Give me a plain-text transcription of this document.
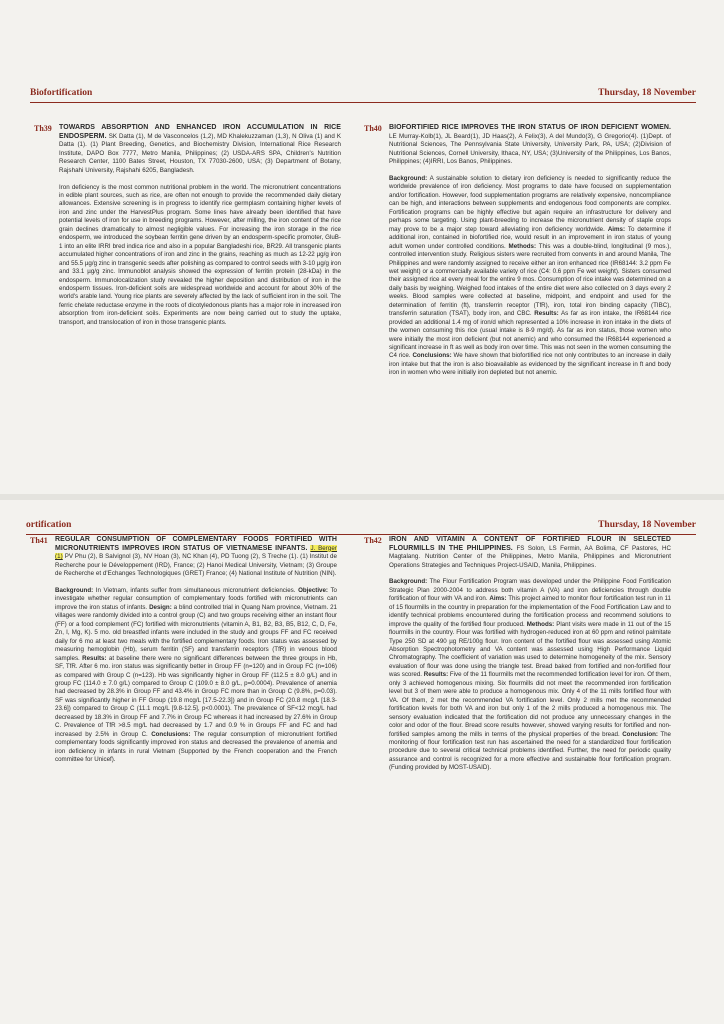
Biofortification	Thursday, 18 November
Th39 TOWARDS ABSORPTION AND ENHANCED IRON ACCUMULATION IN RICE ENDOSPERM. SK Datta (1), M de Vasconcelos (1,2), MD Khalekuzzaman (1,3), N Oliva (1) and K Datta (1). (1) Plant Breeding, Genetics, and Biochemistry Division, International Rice Research Institute, DAPO Box 7777, Metro Manila, Philippines; (2) USDA-ARS SPA, Children's Nutrition Research Center, 1100 Bates Street, Houston, TX 77030-2600, USA; (3) Department of Botany, Rajshahi University, Rajshahi 6205, Bangladesh.

Iron deficiency is the most common nutritional problem in the world. The micronutrient concentrations in edible plant sources, such as rice, are often not enough to provide the recommended daily dietary allowances. Extensive screening is in progress to identify rice germplasm containing higher levels of iron and zinc under the HarvestPlus program. Some lines have already been identified that have potential levels of iron for use in breeding programs. However, after milling, the iron content of the rice grain declines dramatically to almost negligible values. For increasing the iron storage in the rice endosperm, we introduced the soybean ferritin gene driven by an endosperm-specific promoter, GluB-1 into an elite IRRI bred indica rice and also in a popular Bangladeshi rice, BR29. All transgenic plants accumulated higher concentrations of iron and zinc in the grains, reaching as much as 12-22 µg/g iron and 55.5 µg/g zinc in transgenic seeds after polishing as compared to control seeds with 3-10 µg/g iron and 33.1 µg/g zinc. Immunoblot analysis showed the expression of ferritin protein (28-kDa) in the endosperm. Immunolocalization study revealed the higher deposition and distribution of iron in the endosperm tissues. Iron-deficient soils are widespread worldwide and account for about 30% of the world's arable land. Young rice plants are severely affected by the lack of sufficient iron in the soil. The ferric chelate reductase enzyme in the roots of dicotyledonous plants has a major role in increased iron absorption from iron-deficient soils. Experiments are now being carried out to study the uptake, transport, and translocation of iron in those transgenic plants.

Th40 BIOFORTIFIED RICE IMPROVES THE IRON STATUS OF IRON DEFICIENT WOMEN. LE Murray-Kolb(1), JL Beard(1), JD Haas(2), A Felix(3), A del Mundo(3), G Gregorio(4). (1)Dept. of Nutritional Sciences, The Pennsylvania State University, University Park, PA, USA; (2)Division of Nutritional Sciences, Cornell University, Ithaca, NY, USA; (3)University of the Philippines, Los Banos, Philippines; (4)IRRI, Los Banos, Philippines.

Background: A sustainable solution to dietary iron deficiency is needed to significantly reduce the worldwide prevalence of iron deficiency. Most programs to date have focused on supplementation and/or fortification. However, food supplementation programs are relatively expensive, noncompliance can be high, and interactions between supplements and endogenous food components are complex. Fortification programs can be highly effective but again require an infrastructure for delivery and perhaps some targeting. Using plant-breeding to increase the micronutrient density of staple crops may prove to be a major step toward alleviating iron deficiency worldwide. Aims: To determine if additional iron, contained in biofortified rice, would result in an improvement in iron status of young adult women under controlled conditions. Methods: This was a double-blind, longitudinal (9 mos.), controlled intervention study. Religious sisters were recruited from convents in and around Manila, The Philippines and were randomly assigned to receive either an iron enhanced rice (IR68144: 3.2 ppm Fe wet weight) or a commercially available variety of rice (C4: 0.6 ppm Fe wet weight). Sisters consumed their assigned rice at every meal for the entire 9 mos. Consumption of rice intake was determined on a daily basis by weighing. Weighed food intakes of the entire diet were also collected on 3 days every 2 weeks. Blood samples were collected at baseline, midpoint, and endpoint and used for the determination of ferritin (ft), transferrin receptor (TfR), iron, total iron binding capacity (TIBC), transferrin saturation (TSAT), body iron, and CBC. Results: As far as iron intake, the IR68144 rice provided an additional 1.4 mg of iron/d which represented a 10% increase in iron intake in the diets of the women consuming this rice (usual intake is 8-9 mg/d). As far as iron status, those women who were initially the most iron deficient (but not anemic) and who consumed the IR68144 experienced a significant increase in ft as well as body iron over time. This was not seen in the women consuming the C4 rice. Conclusions: We have shown that biofortified rice not only contributes to an increase in daily iron intake but that the iron is also bioavailable as evidenced by the significant increase in ft and body iron in women who were initially iron depleted but not anemic.

ortification	Thursday, 18 November
Th41 REGULAR CONSUMPTION OF COMPLEMENTARY FOODS FORTIFIED WITH MICRONUTRIENTS IMPROVES IRON STATUS OF VIETNAMESE INFANTS. J. Berger (1) PV Phu (2), B Salvignol (3), NV Hoan (3), NC Khan (4), PD Tuong (2), S Treche (1). (1) Institut de Recherche pour le Développement (IRD), France; (2) Hanoi Medical University, Vietnam; (3) Groupe de Recherche et d'Echanges Technologiques (GRET) France; (4) National Institute of Nutrition (NIN).

Background: In Vietnam, infants suffer from simultaneous micronutrient deficiencies. Objective: To investigate whether regular consumption of complementary foods fortified with micronutrients can improve the iron status of infants. Design: a blind controlled trial in Quang Nam province, Vietnam. 21 villages were randomly divided into a control group (C) and two groups receiving either an instant flour (FF) or a food complement (FC) fortified with micronutrients (vitamin A, B1, B2, B3, B5, B12, C, D, Fe, Zn, I, Mg, K). 5 mo. old breastfed infants were included in the study and groups FF and FC received daily for 6 mo at least two meals with the fortified complementary foods. Iron status was assessed by measuring hemoglobin (Hb), serum ferritin (SF) and transferrin receptors (TfR) in venous blood samples. Results: at baseline there were no significant differences between the three groups in Hb, SF, TfR. After 6 mo. iron status was significantly better in Group FF (n=120) and in Group FC (n=106) as compared with Group C (n=123). Hb was significantly higher in Group FF (112.5 ± 8.0 g/L) and in group FC (114.0 ± 7.0 g/L) compared to Group C (109.0 ± 8.0 g/L, p=0.0004). Prevalence of anemia had decreased by 28.3% in Group FF and 43.4% in Group FC more than in Group C (9.8%, p=0.03). SF was significantly higher in FF Group (19.8 mcg/L [17.5-22.3]) and in Group FC (20.8 mcg/L [18.3-23.6]) compared to Group C (11.1 mcg/L [9.8-12.5], p<0.0001). The prevalence of SF<12 mcg/L had decreased by 18.3% in Group FF and 7.7% in Group FC whereas it had increased by 27.6% in Group C. Prevalence of TfR >8.5 mg/L had decreased by 1.7 and 0.9 % in Groups FF and FC and had increased by 2.5% in Group C. Conclusions: The regular consumption of micronutrient fortified complementary foods significantly improved iron status and decreased the prevalence of anemia and iron deficiency in infants in rural Vietnam (Supported by the French cooperation and the French committee for Unicef).

Th42 IRON AND VITAMIN A CONTENT OF FORTIFIED FLOUR IN SELECTED FLOURMILLS IN THE PHILIPPINES. FS Solon, LS Fermin, AA Bolima, CF Pastores, HC Magtalang. Nutrition Center of the Philippines, Metro Manila, Philippines and Micronutrient Operations Strategies and Techniques Project-USAID, Manila, Philippines.

Background: The Flour Fortification Program was developed under the Philippine Food Fortification Strategic Plan 2000-2004 to address both vitamin A (VA) and iron deficiencies through double fortification of flour with VA and iron. Aims: This project aimed to monitor flour fortification test run in 11 of 15 flourmills in the country in preparation for the implementation of the Food Fortification Law and to identify technical problems encountered during the fortification process and recommend solutions to improve the quality of the fortified flour produced. Methods: Plant visits were made in 11 out of the 15 flourmills in the country. Flour was fortified with hydrogen-reduced iron at 60 ppm and retinol palmitate Type 250 SD at 490 µg RE/100g flour. Iron content of the fortified flour was assessed using Atomic Absorption Spectrophotometry and VA content was assessed using High Performance Liquid Chromatography. The coefficient of variation was used to determine homogeneity of the mix. Sensory evaluation of flour was done using the triangle test. Bread baked from fortified and non-fortified flour was scored. Results: Five of the 11 flourmills met the recommended fortification level for iron. Of them, only 3 achieved homogenous mixing. Six flourmills did not meet the recommended iron fortification level but 3 of them were able to produce a homogenous mix. Only 4 of the 11 mills fortified flour with VA. Of them, 2 met the recommended VA fortification level. Only 2 mills met the recommended fortification levels for both VA and iron but only 1 of the 2 mills produced a homogenous mix. The sensory evaluation indicated that the fortification did not produce any unnecessary changes in the color and odor of the flour. Bread score results however, showed varying results for fortified and non-fortified samples among the mills in terms of the physical properties of the bread. Conclusion: The monitoring of flour fortification test run has ascertained the need for a standardized flour fortification procedure due to several critical technical problems identified. Further, the need for periodic quality assurance and control is recognized for a more effective and sustainable flour fortification program. (Funding provided by MOST-USAID).
